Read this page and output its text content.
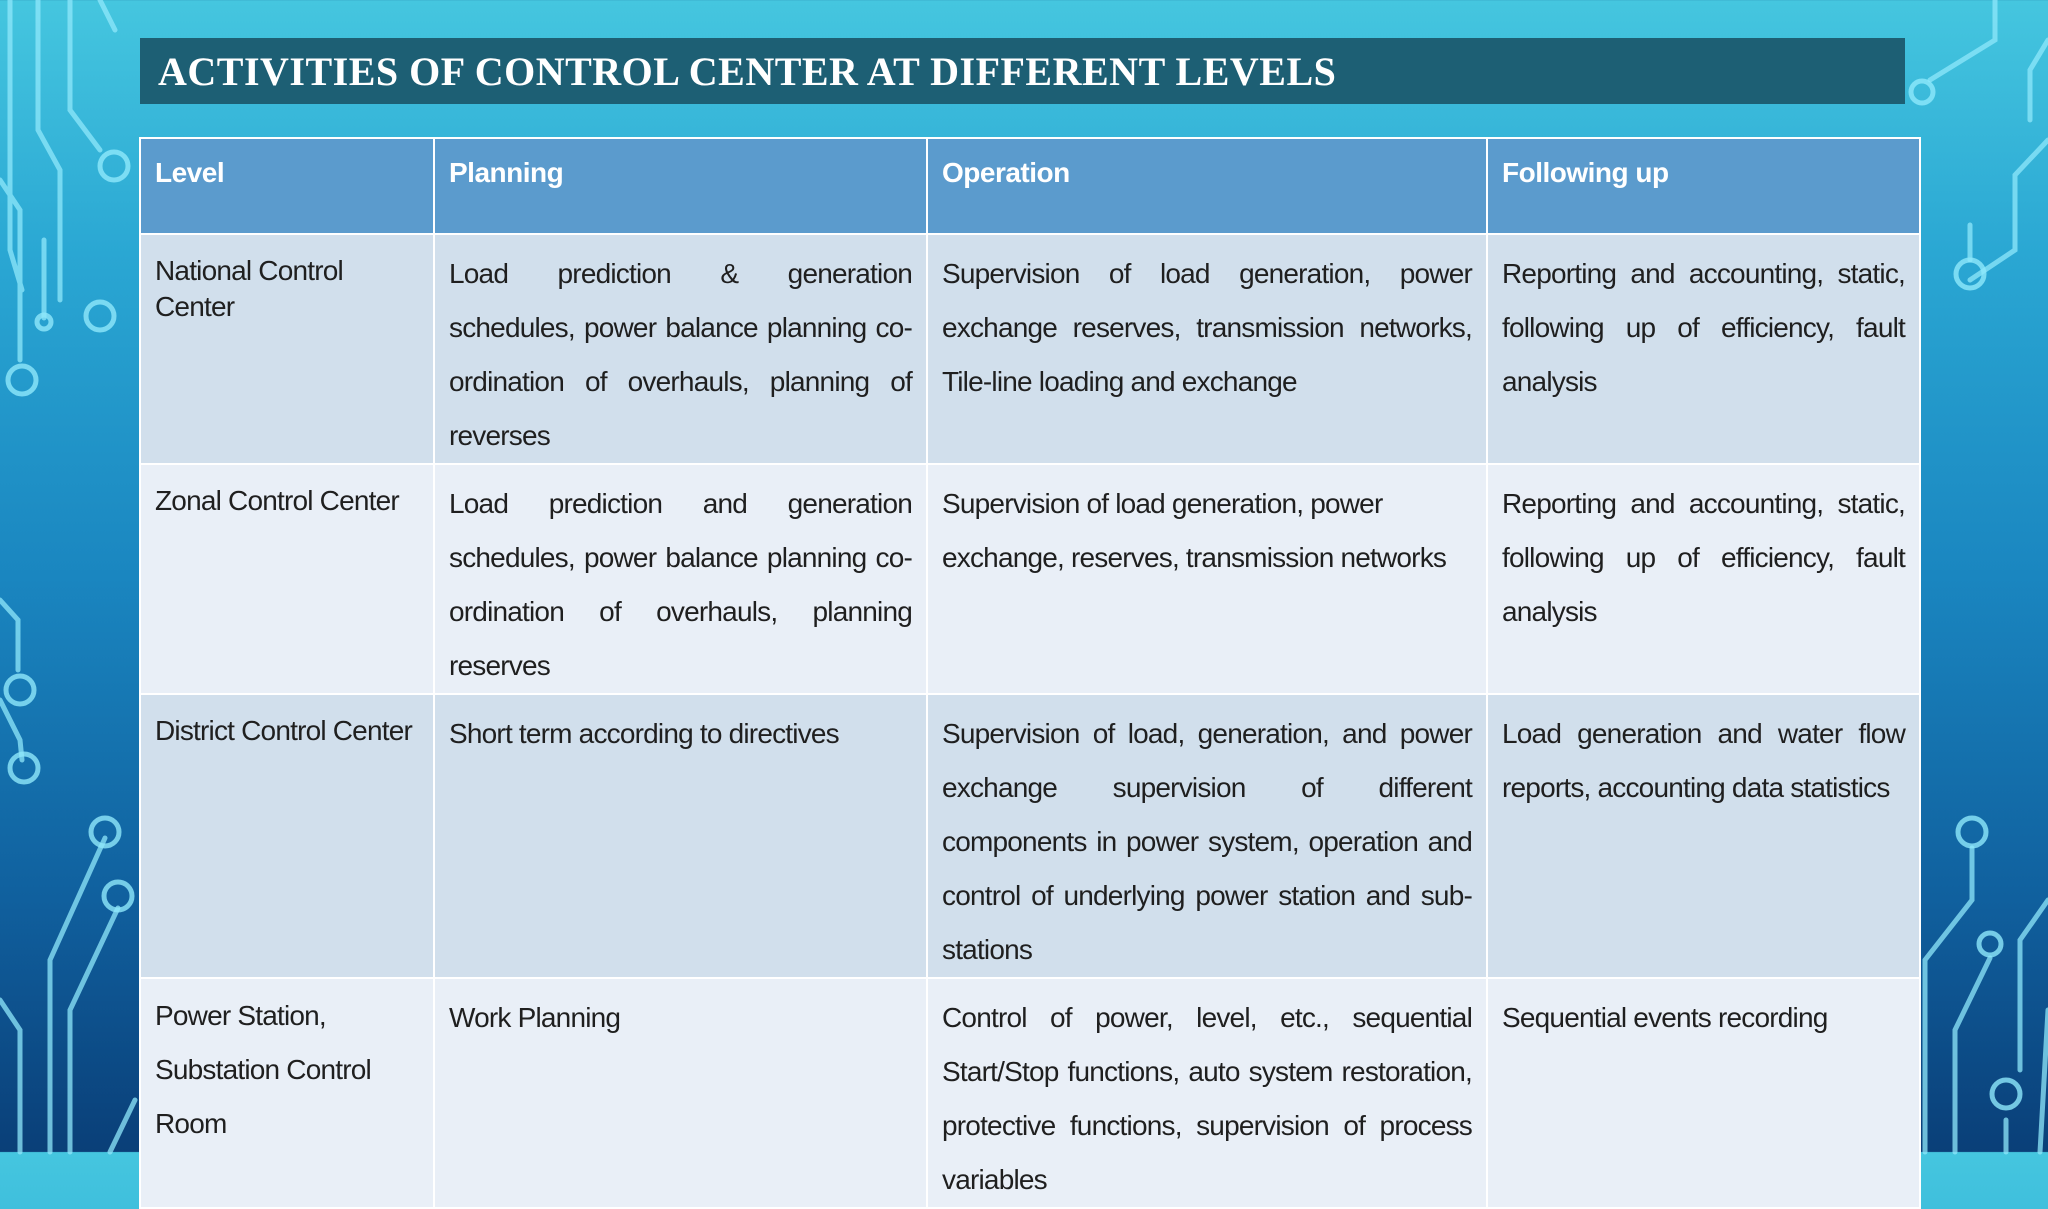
ACTIVITIES OF CONTROL CENTER AT DIFFERENT LEVELS
Level	Planning	Operation	Following up
National Control Center	Load prediction & generation schedules, power balance planning co-ordination of overhauls, planning of reverses	Supervision of load generation, power exchange reserves, transmission networks, Tile-line loading and exchange	Reporting and accounting, static, following up of efficiency, fault analysis
Zonal Control Center	Load prediction and generation schedules, power balance planning co-ordination of overhauls, planning reserves	Supervision of load generation, power exchange, reserves, transmission networks	Reporting and accounting, static, following up of efficiency, fault analysis
District Control Center	Short term according to directives	Supervision of load, generation, and power exchange supervision of different components in power system, operation and control of underlying power station and sub-stations	Load generation and water flow reports, accounting data statistics
Power Station, Substation Control Room	Work Planning	Control of power, level, etc., sequential Start/Stop functions, auto system restoration, protective functions, supervision of process variables	Sequential events recording
